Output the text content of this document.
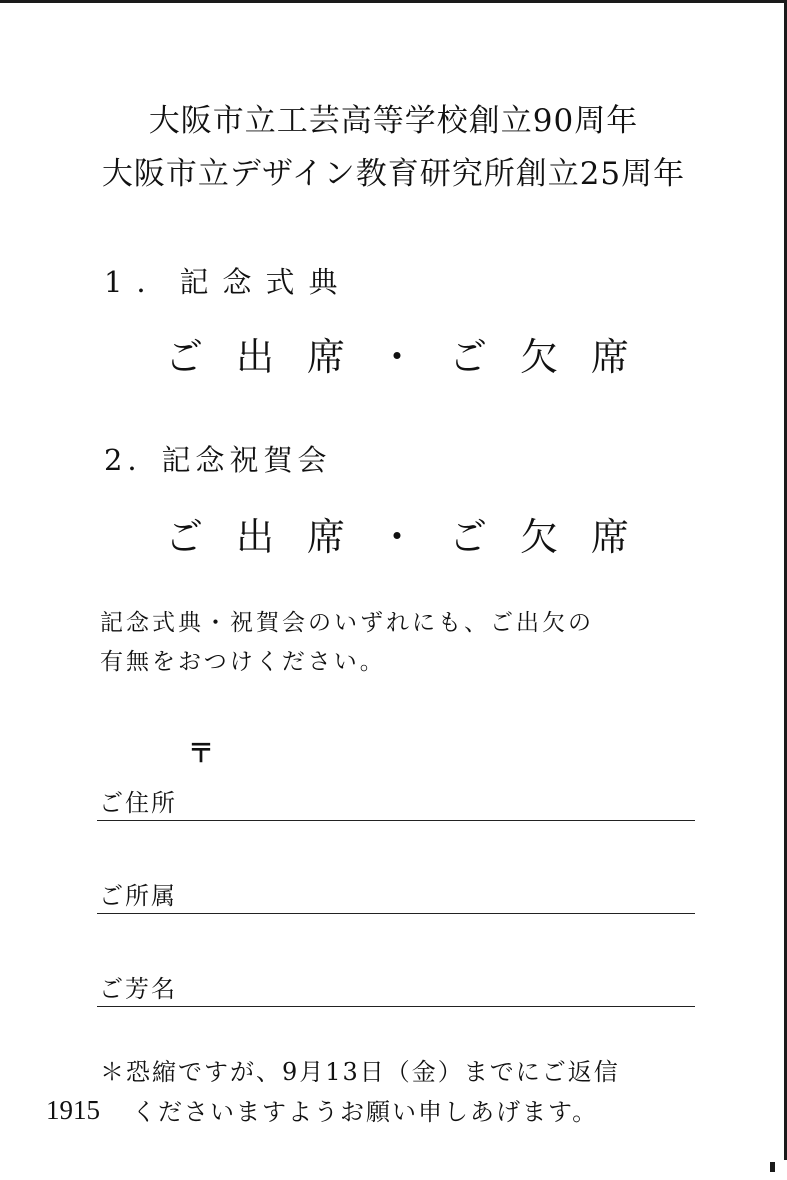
大阪市立工芸高等学校創立90周年
大阪市立デザイン教育研究所創立25周年
1．記念式典
ご出席・ご欠席
2．記念祝賀会
ご出席・ご欠席
記念式典・祝賀会のいずれにも、ご出欠の
有無をおつけください。
〒
ご住所
ご所属
ご芳名
＊恐縮ですが、9月13日（金）までにご返信
1915 くださいますようお願い申しあげます。
